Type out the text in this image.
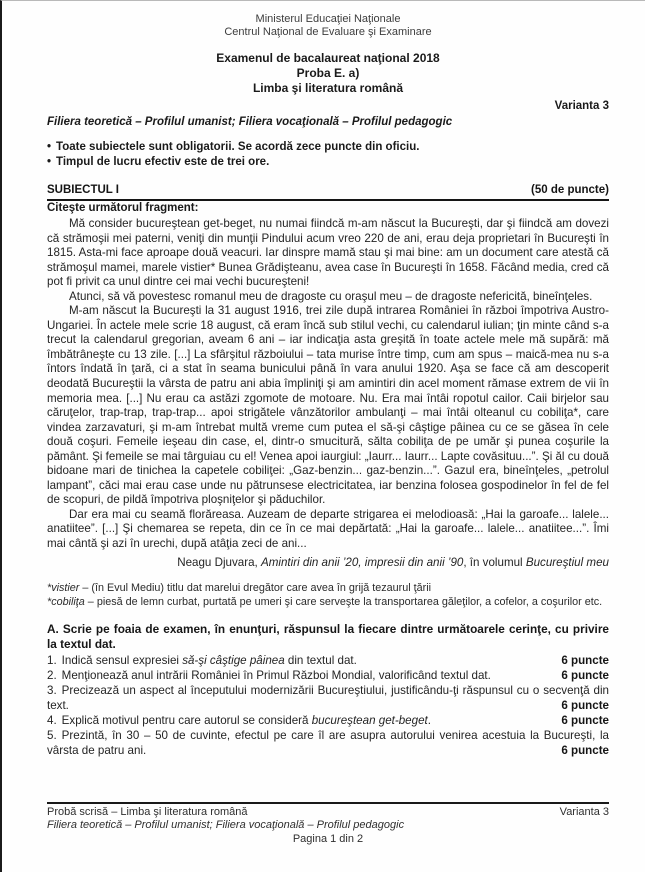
Ministerul Educaţiei Naţionale
Centrul Naţional de Evaluare şi Examinare
Examenul de bacalaureat naţional 2018
Proba E. a)
Limba şi literatura română
Varianta 3
Filiera teoretică – Profilul umanist; Filiera vocaţională – Profilul pedagogic
• Toate subiectele sunt obligatorii. Se acordă zece puncte din oficiu.
• Timpul de lucru efectiv este de trei ore.
SUBIECTUL I	(50 de puncte)
Citeşte următorul fragment:

Mă consider bucureştean get-beget, nu numai fiindcă m-am născut la Bucureşti, dar şi fiindcă am dovezi că strămoşii mei paterni, veniţi din munţii Pindului acum vreo 220 de ani, erau deja proprietari în Bucureşti în 1815. Asta-mi face aproape două veacuri. Iar dinspre mamă stau şi mai bine: am un document care atestă că strămoşul mamei, marele vistier* Bunea Grădişteanu, avea case în Bucureşti în 1658. Făcând media, cred că pot fi privit ca unul dintre cei mai vechi bucureşteni!

Atunci, să vă povestesc romanul meu de dragoste cu oraşul meu – de dragoste nefericită, bineînţeles.

M-am născut la Bucureşti la 31 august 1916, trei zile după intrarea României în război împotriva Austro-Ungariei. În actele mele scrie 18 august, că eram încă sub stilul vechi, cu calendarul iulian; ţin minte când s-a trecut la calendarul gregorian, aveam 6 ani – iar indicaţia asta greşită în toate actele mele mă supără: mă îmbătrâneşte cu 13 zile. [...] La sfârşitul războiului – tata murise între timp, cum am spus – maică-mea nu s-a întors îndată în ţară, ci a stat în seama bunicului până în vara anului 1920. Aşa se face că am descoperit deodată Bucureştii la vârsta de patru ani abia împliniţi şi am amintiri din acel moment rămase extrem de vii în memoria mea. [...] Nu erau ca astăzi zgomote de motoare. Nu. Era mai întâi ropotul cailor. Caii birjelor sau căruţelor, trap-trap, trap-trap... apoi strigătele vânzătorilor ambulanţi – mai întâi olteanul cu cobiliţa*, care vindea zarzavaturi, şi m-am întrebat multă vreme cum putea el să-şi câştige pâinea cu ce se găsea în cele două coşuri. Femeile ieşeau din case, el, dintr-o smucitură, sălta cobiliţa de pe umăr şi punea coşurile la pământ. Şi femeile se mai târguiau cu el! Venea apoi iaurgiul: „Iaurr... Iaurr... Lapte covăsituu...”. Şi ăl cu două bidoane mari de tinichea la capetele cobiliţei: „Gaz-benzin... gaz-benzin...”. Gazul era, bineînţeles, „petrolul lampant”, căci mai erau case unde nu pătrunsese electricitatea, iar benzina folosea gospodinelor în fel de fel de scopuri, de pildă împotriva ploşniţelor şi păduchilor.

Dar era mai cu seamă florăreasa. Auzeam de departe strigarea ei melodioasă: „Hai la garoafe... lalele... anatiitee”. [...] Şi chemarea se repeta, din ce în ce mai depărtată: „Hai la garoafe... lalele... anatiitee...”. Îmi mai cântă şi azi în urechi, după atâţia zeci de ani...

Neagu Djuvara, Amintiri din anii ’20, impresii din anii ’90, în volumul Bucureştiul meu
*vistier – (în Evul Mediu) titlu dat marelui dregător care avea în grijă tezaurul ţării
*cobiliţa – piesă de lemn curbat, purtată pe umeri şi care serveşte la transportarea găleţilor, a cofelor, a coşurilor etc.
A. Scrie pe foaia de examen, în enunţuri, răspunsul la fiecare dintre următoarele cerinţe, cu privire la textul dat.
1. Indică sensul expresiei să-şi câştige pâinea din textul dat.	6 puncte
2. Menţionează anul intrării României în Primul Război Mondial, valorificând textul dat.	6 puncte
3. Precizează un aspect al începutului modernizării Bucureştiului, justificându-ţi răspunsul cu o secvenţă din text.	6 puncte
4. Explică motivul pentru care autorul se consideră bucureştean get-beget.	6 puncte
5. Prezintă, în 30 – 50 de cuvinte, efectul pe care îl are asupra autorului venirea acestuia la Bucureşti, la vârsta de patru ani.	6 puncte
Probă scrisă – Limba şi literatura română	Varianta 3
Filiera teoretică – Profilul umanist; Filiera vocaţională – Profilul pedagogic
Pagina 1 din 2
